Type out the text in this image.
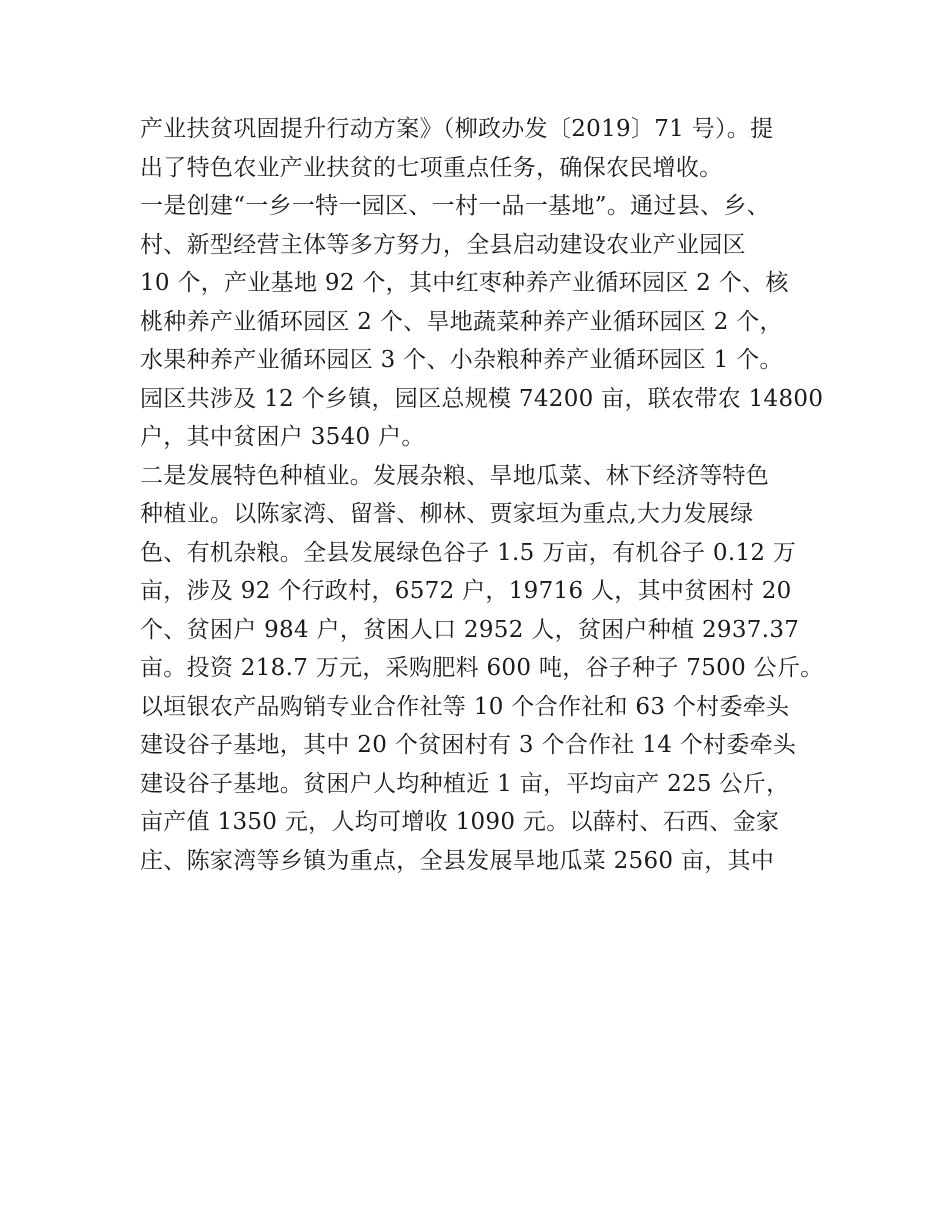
产业扶贫巩固提升行动方案》（柳政办发〔2019〕71 号）。提
出了特色农业产业扶贫的七项重点任务，确保农民增收。
一是创建“一乡一特一园区、一村一品一基地”。通过县、乡、
村、新型经营主体等多方努力，全县启动建设农业产业园区
10 个，产业基地 92 个，其中红枣种养产业循环园区 2 个、核
桃种养产业循环园区 2 个、旱地蔬菜种养产业循环园区 2 个，
水果种养产业循环园区 3 个、小杂粮种养产业循环园区 1 个。
园区共涉及 12 个乡镇，园区总规模 74200 亩，联农带农 14800
户，其中贫困户 3540 户。
二是发展特色种植业。发展杂粮、旱地瓜菜、林下经济等特色
种植业。以陈家湾、留誉、柳林、贾家垣为重点,大力发展绿
色、有机杂粮。全县发展绿色谷子 1.5 万亩，有机谷子 0.12 万
亩，涉及 92 个行政村，6572 户，19716 人，其中贫困村 20
个、贫困户 984 户，贫困人口 2952 人，贫困户种植 2937.37
亩。投资 218.7 万元，采购肥料 600 吨，谷子种子 7500 公斤。
以垣银农产品购销专业合作社等 10 个合作社和 63 个村委牵头
建设谷子基地，其中 20 个贫困村有 3 个合作社 14 个村委牵头
建设谷子基地。贫困户人均种植近 1 亩，平均亩产 225 公斤，
亩产值 1350 元，人均可增收 1090 元。以薛村、石西、金家
庄、陈家湾等乡镇为重点，全县发展旱地瓜菜 2560 亩，其中
